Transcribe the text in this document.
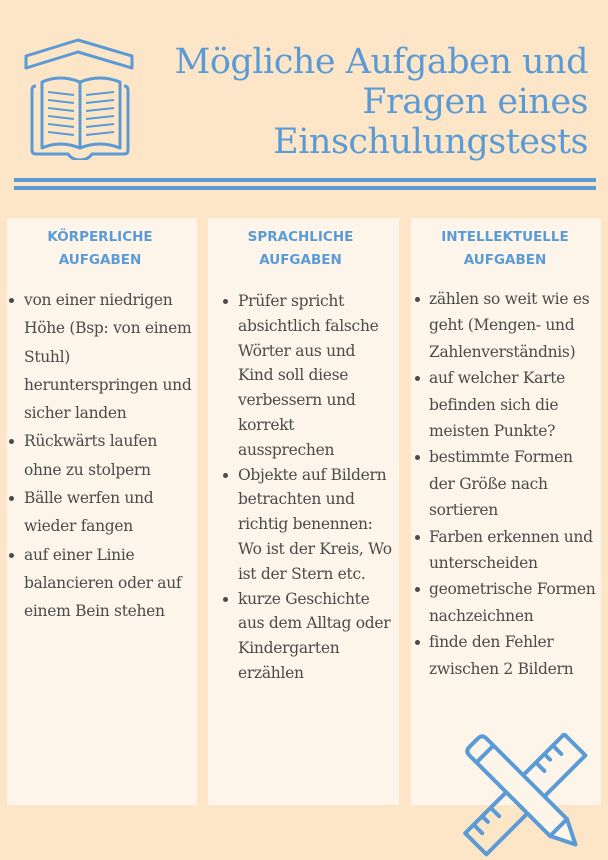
Mögliche Aufgaben und
Fragen eines
Einschulungstests
KÖRPERLICHE
AUFGABEN
von einer niedrigen Höhe (Bsp: von einem Stuhl) herunterspringen und sicher landen
Rückwärts laufen ohne zu stolpern
Bälle werfen und wieder fangen
auf einer Linie balancieren oder auf einem Bein stehen
SPRACHLICHE
AUFGABEN
Prüfer spricht absichtlich falsche Wörter aus und Kind soll diese verbessern und korrekt aussprechen
Objekte auf Bildern betrachten und richtig benennen: Wo ist der Kreis, Wo ist der Stern etc.
kurze Geschichte aus dem Alltag oder Kindergarten erzählen
INTELLEKTUELLE
AUFGABEN
zählen so weit wie es geht (Mengen- und Zahlenverständnis)
auf welcher Karte befinden sich die meisten Punkte?
bestimmte Formen der Größe nach sortieren
Farben erkennen und unterscheiden
geometrische Formen nachzeichnen
finde den Fehler zwischen 2 Bildern
